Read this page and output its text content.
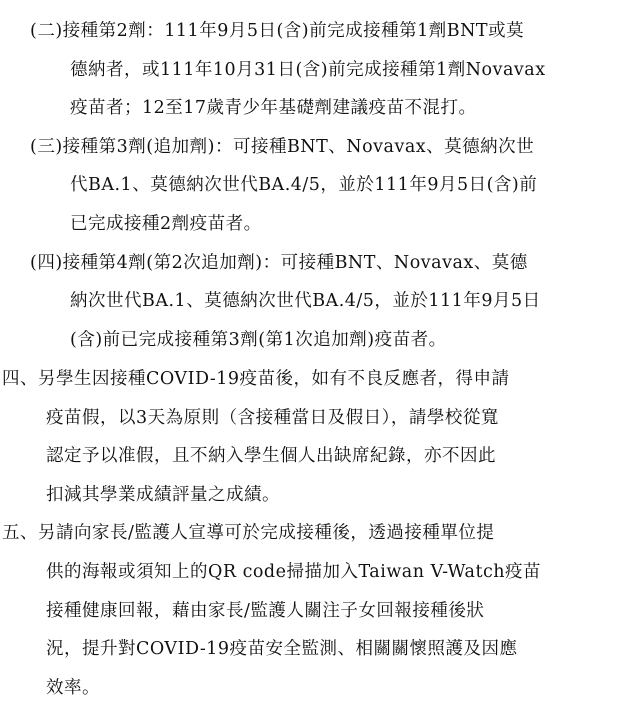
(二)接種第2劑：111年9月5日(含)前完成接種第1劑BNT或莫
德納者，或111年10月31日(含)前完成接種第1劑Novavax
疫苗者；12至17歲青少年基礎劑建議疫苗不混打。
(三)接種第3劑(追加劑)：可接種BNT、Novavax、莫德納次世
代BA.1、莫德納次世代BA.4/5，並於111年9月5日(含)前
已完成接種2劑疫苗者。
(四)接種第4劑(第2次追加劑)：可接種BNT、Novavax、莫德
納次世代BA.1、莫德納次世代BA.4/5，並於111年9月5日
(含)前已完成接種第3劑(第1次追加劑)疫苗者。
四、另學生因接種COVID-19疫苗後，如有不良反應者，得申請
疫苗假，以3天為原則（含接種當日及假日），請學校從寬
認定予以准假，且不納入學生個人出缺席紀錄，亦不因此
扣減其學業成績評量之成績。
五、另請向家長/監護人宣導可於完成接種後，透過接種單位提
供的海報或須知上的QR code掃描加入Taiwan V-Watch疫苗
接種健康回報，藉由家長/監護人關注子女回報接種後狀
況，提升對COVID-19疫苗安全監測、相關關懷照護及因應
效率。
